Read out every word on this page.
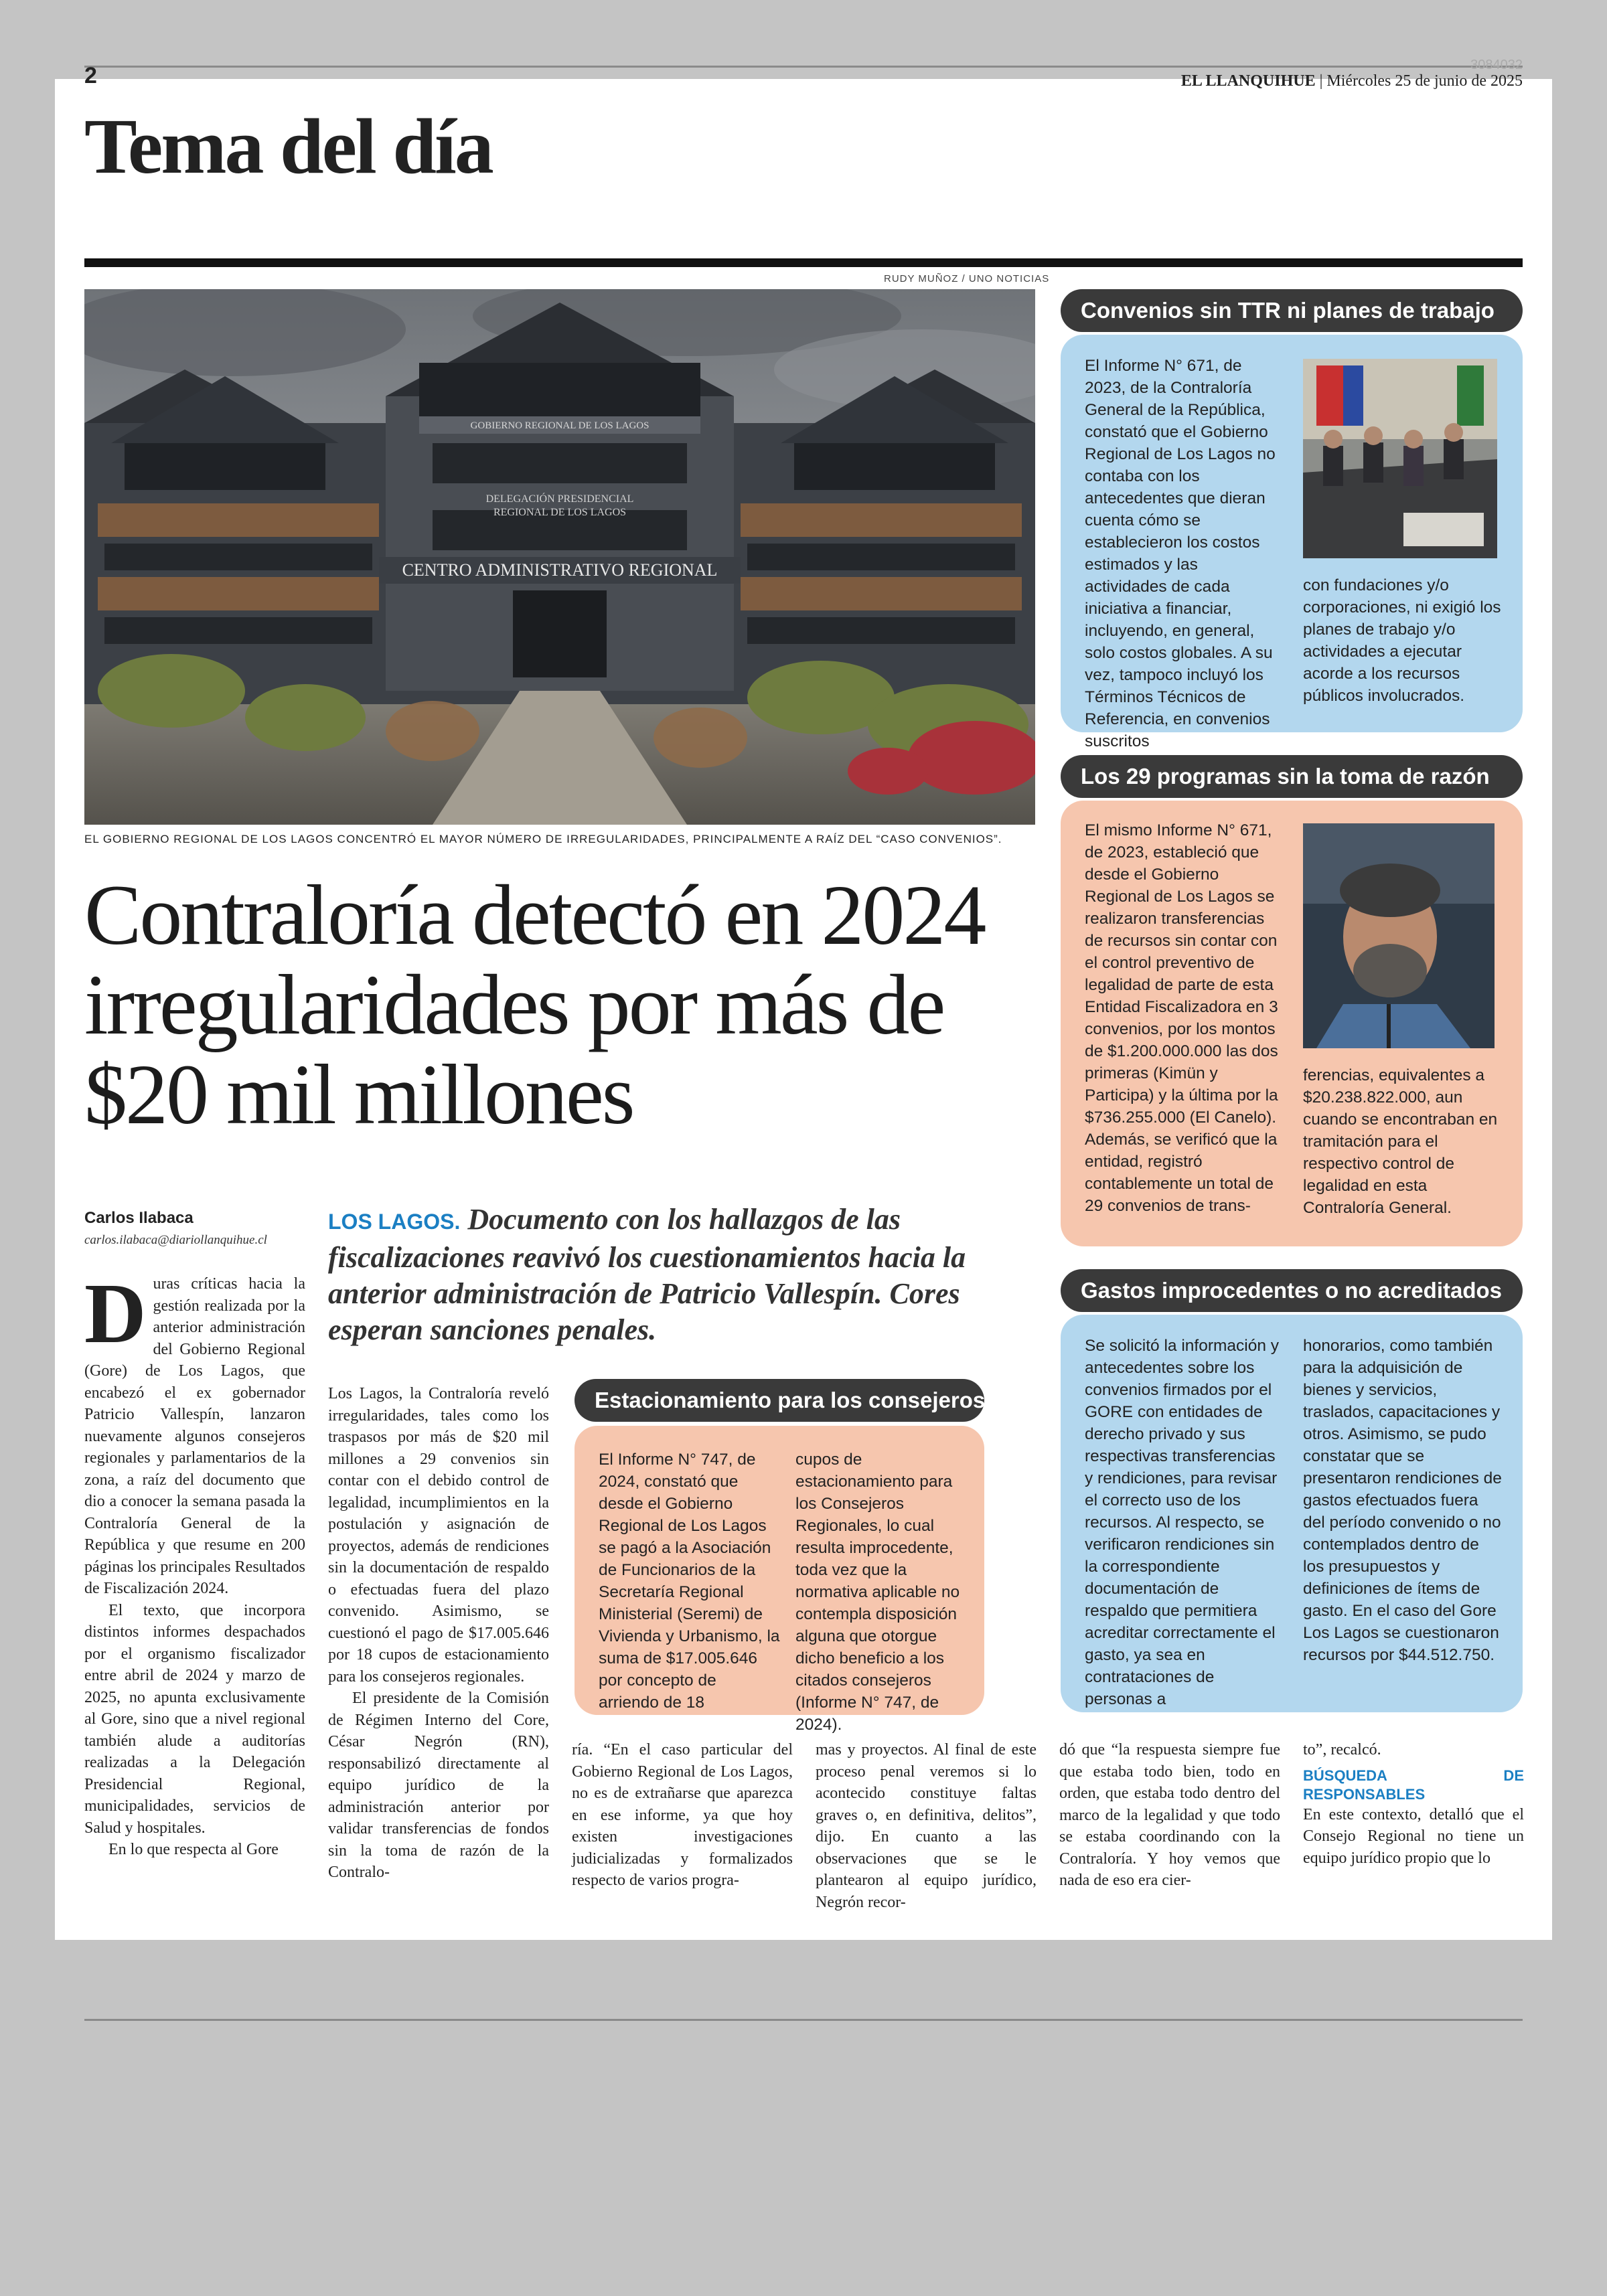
2	3084032
EL LLANQUIHUE | Miércoles 25 de junio de 2025
Tema del día
RUDY MUÑOZ / UNO NOTICIAS
GOBIERNO REGIONAL DE LOS LAGOS
DELEGACIÓN PRESIDENCIAL
REGIONAL DE LOS LAGOS
CENTRO ADMINISTRATIVO REGIONAL
EL GOBIERNO REGIONAL DE LOS LAGOS CONCENTRÓ EL MAYOR NÚMERO DE IRREGULARIDADES, PRINCIPALMENTE A RAÍZ DEL “CASO CONVENIOS”.
Contraloría detectó en 2024 irregularidades por más de $20 mil millones
Carlos Ilabaca
carlos.ilabaca@diariollanquihue.cl
LOS LAGOS. Documento con los hallazgos de las fiscalizaciones reavivó los cuestionamientos hacia la anterior administración de Patricio Vallespín. Cores esperan sanciones penales.

Duras críticas hacia la gestión realizada por la anterior administración del Gobierno Regional (Gore) de Los Lagos, que encabezó el ex gobernador Patricio Vallespín, lanzaron nuevamente algunos consejeros regionales y parlamentarios de la zona, a raíz del documento que dio a conocer la semana pasada la Contraloría General de la República y que resume en 200 páginas los principales Resultados de Fiscalización 2024.

El texto, que incorpora distintos informes despachados por el organismo fiscalizador entre abril de 2024 y marzo de 2025, no apunta exclusivamente al Gore, sino que a nivel regional también alude a auditorías realizadas a la Delegación Presidencial Regional, municipalidades, servicios de Salud y hospitales.

En lo que respecta al Gore

Los Lagos, la Contraloría reveló irregularidades, tales como los traspasos por más de $20 mil millones a 29 convenios sin contar con el debido control de legalidad, incumplimientos en la postulación y asignación de proyectos, además de rendiciones sin la documentación de respaldo o efectuadas fuera del plazo convenido. Asimismo, se cuestionó el pago de $17.005.646 por 18 cupos de estacionamiento para los consejeros regionales.

El presidente de la Comisión de Régimen Interno del Core, César Negrón (RN), responsabilizó directamente al equipo jurídico de la administración anterior por validar transferencias de fondos sin la toma de razón de la Contralo-

ría. “En el caso particular del Gobierno Regional de Los Lagos, no es de extrañarse que aparezca en ese informe, ya que hoy existen investigaciones judicializadas y formalizados respecto de varios progra-

mas y proyectos. Al final de este proceso penal veremos si lo acontecido constituye faltas graves o, en definitiva, delitos”, dijo. En cuanto a las observaciones que se le plantearon al equipo jurídico, Negrón recor-

dó que “la respuesta siempre fue que estaba todo bien, todo en orden, que estaba todo dentro del marco de la legalidad y que todo se estaba coordinando con la Contraloría. Y hoy vemos que nada de eso era cier-

to”, recalcó.

BÚSQUEDA DE RESPONSABLES

En este contexto, detalló que el Consejo Regional no tiene un equipo jurídico propio que lo

El Informe N° 747, de 2024, constató que desde el Gobierno Regional de Los Lagos se pagó a la Asociación de Funcionarios de la Secretaría Regional Ministerial (Seremi) de Vivienda y Urbanismo, la suma de $17.005.646 por concepto de arriendo de 18
cupos de estacionamiento para los Consejeros Regionales, lo cual resulta improcedente, toda vez que la normativa aplicable no contempla disposición alguna que otorgue dicho beneficio a los citados consejeros (Informe N° 747, de 2024).
Estacionamiento para los consejeros
El Informe N° 671, de 2023, de la Contraloría General de la República, constató que el Gobierno Regional de Los Lagos no contaba con los antecedentes que dieran cuenta cómo se establecieron los costos estimados y las actividades de cada iniciativa a financiar, incluyendo, en general, solo costos globales. A su vez, tampoco incluyó los Términos Técnicos de Referencia, en convenios suscritos
con fundaciones y/o corporaciones, ni exigió los planes de trabajo y/o actividades a ejecutar acorde a los recursos públicos involucrados.
Convenios sin TTR ni planes de trabajo
El mismo Informe N° 671, de 2023, estableció que desde el Gobierno Regional de Los Lagos se realizaron transferencias de recursos sin contar con el control preventivo de legalidad de parte de esta Entidad Fiscalizadora en 3 convenios, por los montos de $1.200.000.000 las dos primeras (Kimün y Participa) y la última por la $736.255.000 (El Canelo). Además, se verificó que la entidad, registró contablemente un total de 29 convenios de trans-
ferencias, equivalentes a $20.238.822.000, aun cuando se encontraban en tramitación para el respectivo control de legalidad en esta Contraloría General.
Los 29 programas sin la toma de razón
Se solicitó la información y antecedentes sobre los convenios firmados por el GORE con entidades de derecho privado y sus respectivas transferencias y rendiciones, para revisar el correcto uso de los recursos. Al respecto, se verificaron rendiciones sin la correspondiente documentación de respaldo que permitiera acreditar correctamente el gasto, ya sea en contrataciones de personas a
honorarios, como también para la adquisición de bienes y servicios, traslados, capacitaciones y otros. Asimismo, se pudo constatar que se presentaron rendiciones de gastos efectuados fuera del período convenido o no contemplados dentro de los presupuestos y definiciones de ítems de gasto. En el caso del Gore Los Lagos se cuestionaron recursos por $44.512.750.
Gastos improcedentes o no acreditados
